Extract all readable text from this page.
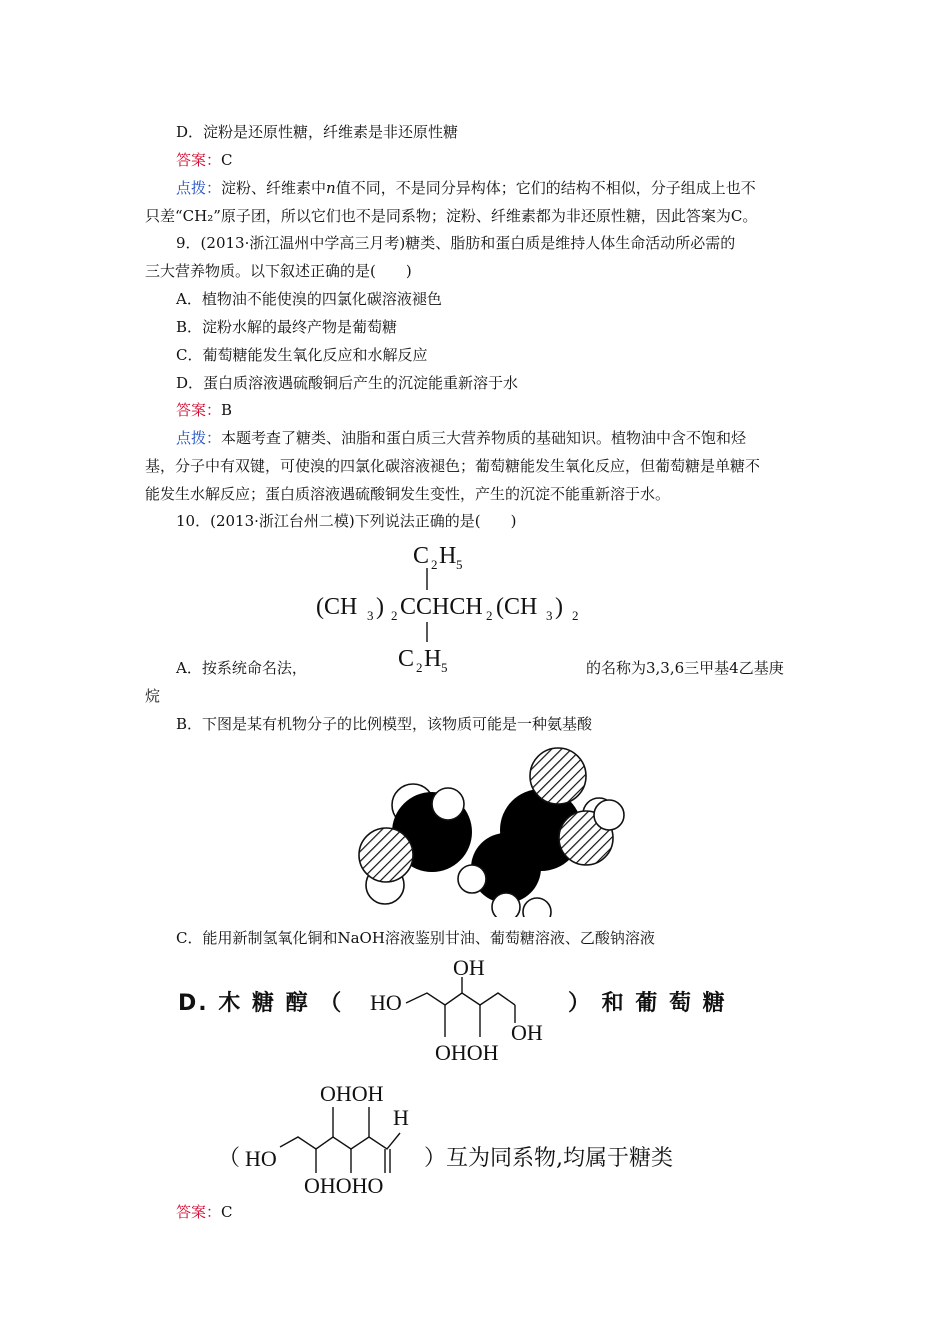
D．淀粉是还原性糖，纤维素是非还原性糖
答案：C
点拨：淀粉、纤维素中n值不同，不是同分异构体；它们的结构不相似，分子组成上也不
只差“CH₂”原子团，所以它们也不是同系物；淀粉、纤维素都为非还原性糖，因此答案为C。
9．(2013·浙江温州中学高三月考)糖类、脂肪和蛋白质是维持人体生命活动所必需的
三大营养物质。以下叙述正确的是(　　)
A．植物油不能使溴的四氯化碳溶液褪色
B．淀粉水解的最终产物是葡萄糖
C．葡萄糖能发生氧化反应和水解反应
D．蛋白质溶液遇硫酸铜后产生的沉淀能重新溶于水
答案：B
点拨：本题考查了糖类、油脂和蛋白质三大营养物质的基础知识。植物油中含不饱和烃
基，分子中有双键，可使溴的四氯化碳溶液褪色；葡萄糖能发生氧化反应，但葡萄糖是单糖不
能发生水解反应；蛋白质溶液遇硫酸铜发生变性，产生的沉淀不能重新溶于水。
10．(2013·浙江台州二模)下列说法正确的是(　　)
C 2 H 5
(CH 3 ) 2 CCHCH 2 (CH 3 ) 2
C 2 H 5
A．按系统命名法，	的名称为3,3,6三甲基4乙基庚
烷
B．下图是某有机物分子的比例模型，该物质可能是一种氨基酸
C．能用新制氢氧化铜和NaOH溶液鉴别甘油、葡萄糖溶液、乙酸钠溶液
D. 木 糖 醇 （ HO
OH
OHOH
OH
） 和 葡 萄 糖
（
OHOH
H
HO
OHOHO
）互为同系物,均属于糖类
答案：C
